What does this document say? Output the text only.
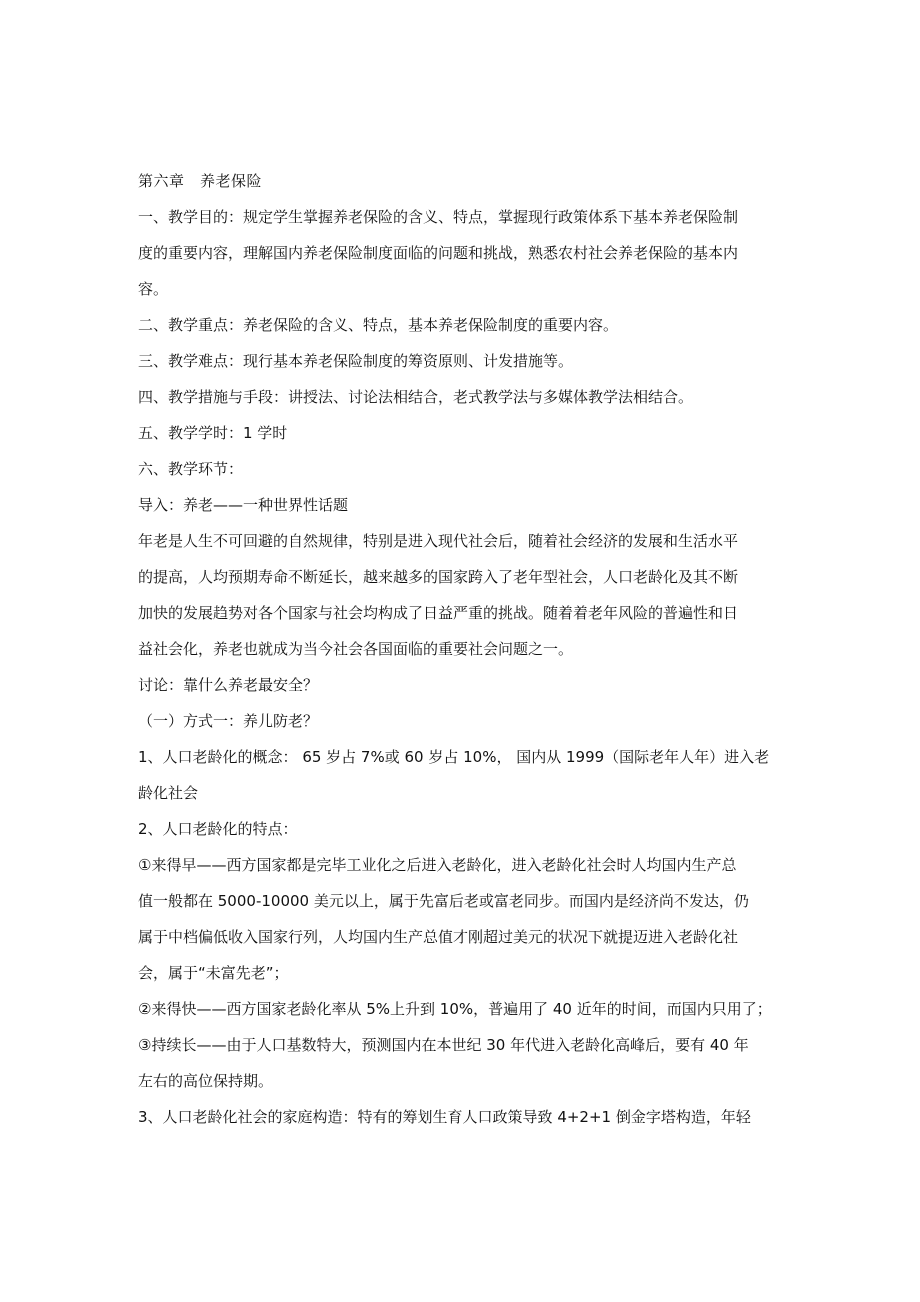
第六章　养老保险

一、教学目的：规定学生掌握养老保险的含义、特点，掌握现行政策体系下基本养老保险制

度的重要内容，理解国内养老保险制度面临的问题和挑战，熟悉农村社会养老保险的基本内

容。

二、教学重点：养老保险的含义、特点，基本养老保险制度的重要内容。

三、教学难点：现行基本养老保险制度的筹资原则、计发措施等。

四、教学措施与手段：讲授法、讨论法相结合，老式教学法与多媒体教学法相结合。

五、教学学时：1 学时

六、教学环节：

导入：养老——一种世界性话题

年老是人生不可回避的自然规律，特别是进入现代社会后，随着社会经济的发展和生活水平

的提高，人均预期寿命不断延长，越来越多的国家跨入了老年型社会，人口老龄化及其不断

加快的发展趋势对各个国家与社会均构成了日益严重的挑战。随着着老年风险的普遍性和日

益社会化，养老也就成为当今社会各国面临的重要社会问题之一。

讨论：靠什么养老最安全？

（一）方式一：养儿防老？

1、人口老龄化的概念： 65 岁占 7%或 60 岁占 10%， 国内从 1999（国际老年人年）进入老

龄化社会

2、人口老龄化的特点：

①来得早——西方国家都是完毕工业化之后进入老龄化，进入老龄化社会时人均国内生产总

值一般都在 5000-10000 美元以上，属于先富后老或富老同步。而国内是经济尚不发达，仍

属于中档偏低收入国家行列，人均国内生产总值才刚超过美元的状况下就提迈进入老龄化社

会，属于“未富先老”；

②来得快——西方国家老龄化率从 5%上升到 10%，普遍用了 40 近年的时间，而国内只用了；

③持续长——由于人口基数特大，预测国内在本世纪 30 年代进入老龄化高峰后，要有 40 年

左右的高位保持期。

3、人口老龄化社会的家庭构造：特有的筹划生育人口政策导致 4+2+1 倒金字塔构造，年轻
